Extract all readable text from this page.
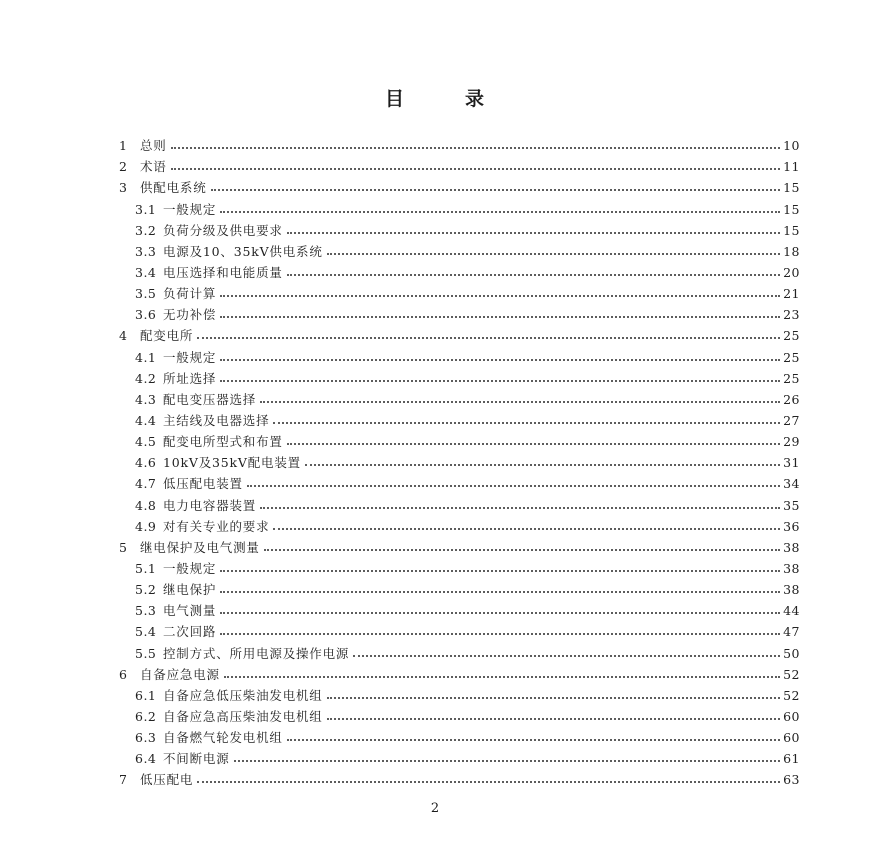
目　　　录
1	总则	10
2	术语	11
3	供配电系统	15
3.1 一般规定	15
3.2 负荷分级及供电要求	15
3.3 电源及10、35kV供电系统	18
3.4 电压选择和电能质量	20
3.5 负荷计算	21
3.6 无功补偿	23
4	配变电所	25
4.1 一般规定	25
4.2 所址选择	25
4.3 配电变压器选择	26
4.4 主结线及电器选择	27
4.5 配变电所型式和布置	29
4.6 10kV及35kV配电装置	31
4.7 低压配电装置	34
4.8 电力电容器装置	35
4.9 对有关专业的要求	36
5	继电保护及电气测量	38
5.1 一般规定	38
5.2 继电保护	38
5.3 电气测量	44
5.4 二次回路	47
5.5 控制方式、所用电源及操作电源	50
6	自备应急电源	52
6.1 自备应急低压柴油发电机组	52
6.2 自备应急高压柴油发电机组	60
6.3 自备燃气轮发电机组	60
6.4 不间断电源	61
7	低压配电	63
2
